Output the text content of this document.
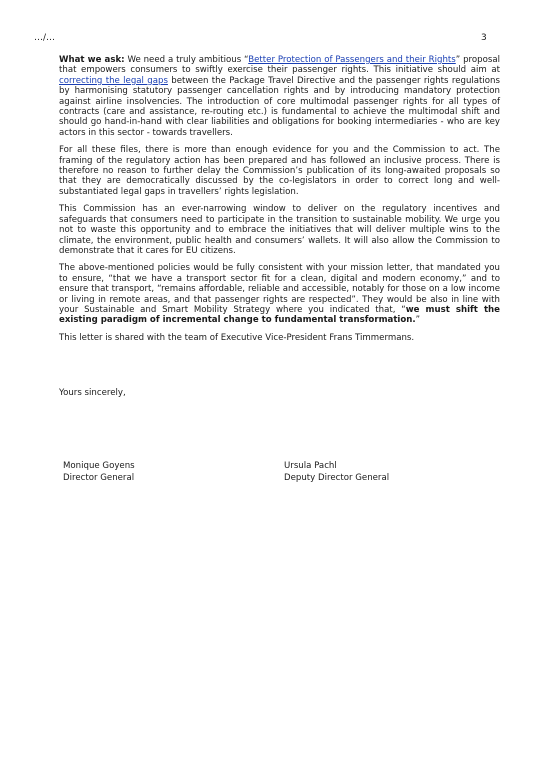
…/…	3

What we ask: We need a truly ambitious “Better Protection of Passengers and their Rights” proposal that empowers consumers to swiftly exercise their passenger rights. This initiative should aim at correcting the legal gaps between the Package Travel Directive and the passenger rights regulations by harmonising statutory passenger cancellation rights and by introducing mandatory protection against airline insolvencies. The introduction of core multimodal passenger rights for all types of contracts (care and assistance, re-routing etc.) is fundamental to achieve the multimodal shift and should go hand-in-hand with clear liabilities and obligations for booking intermediaries - who are key actors in this sector - towards travellers.

For all these files, there is more than enough evidence for you and the Commission to act. The framing of the regulatory action has been prepared and has followed an inclusive process. There is therefore no reason to further delay the Commission’s publication of its long-awaited proposals so that they are democratically discussed by the co-legislators in order to correct long and well-substantiated legal gaps in travellers’ rights legislation.

This Commission has an ever-narrowing window to deliver on the regulatory incentives and safeguards that consumers need to participate in the transition to sustainable mobility. We urge you not to waste this opportunity and to embrace the initiatives that will deliver multiple wins to the climate, the environment, public health and consumers’ wallets. It will also allow the Commission to demonstrate that it cares for EU citizens.

The above-mentioned policies would be fully consistent with your mission letter, that mandated you to ensure, “that we have a transport sector fit for a clean, digital and modern economy,” and to ensure that transport, “remains affordable, reliable and accessible, notably for those on a low income or living in remote areas, and that passenger rights are respected”. They would be also in line with your Sustainable and Smart Mobility Strategy where you indicated that, “we must shift the existing paradigm of incremental change to fundamental transformation.”

This letter is shared with the team of Executive Vice-President Frans Timmermans.

Yours sincerely,
Monique Goyens
Director General
Ursula Pachl
Deputy Director General
